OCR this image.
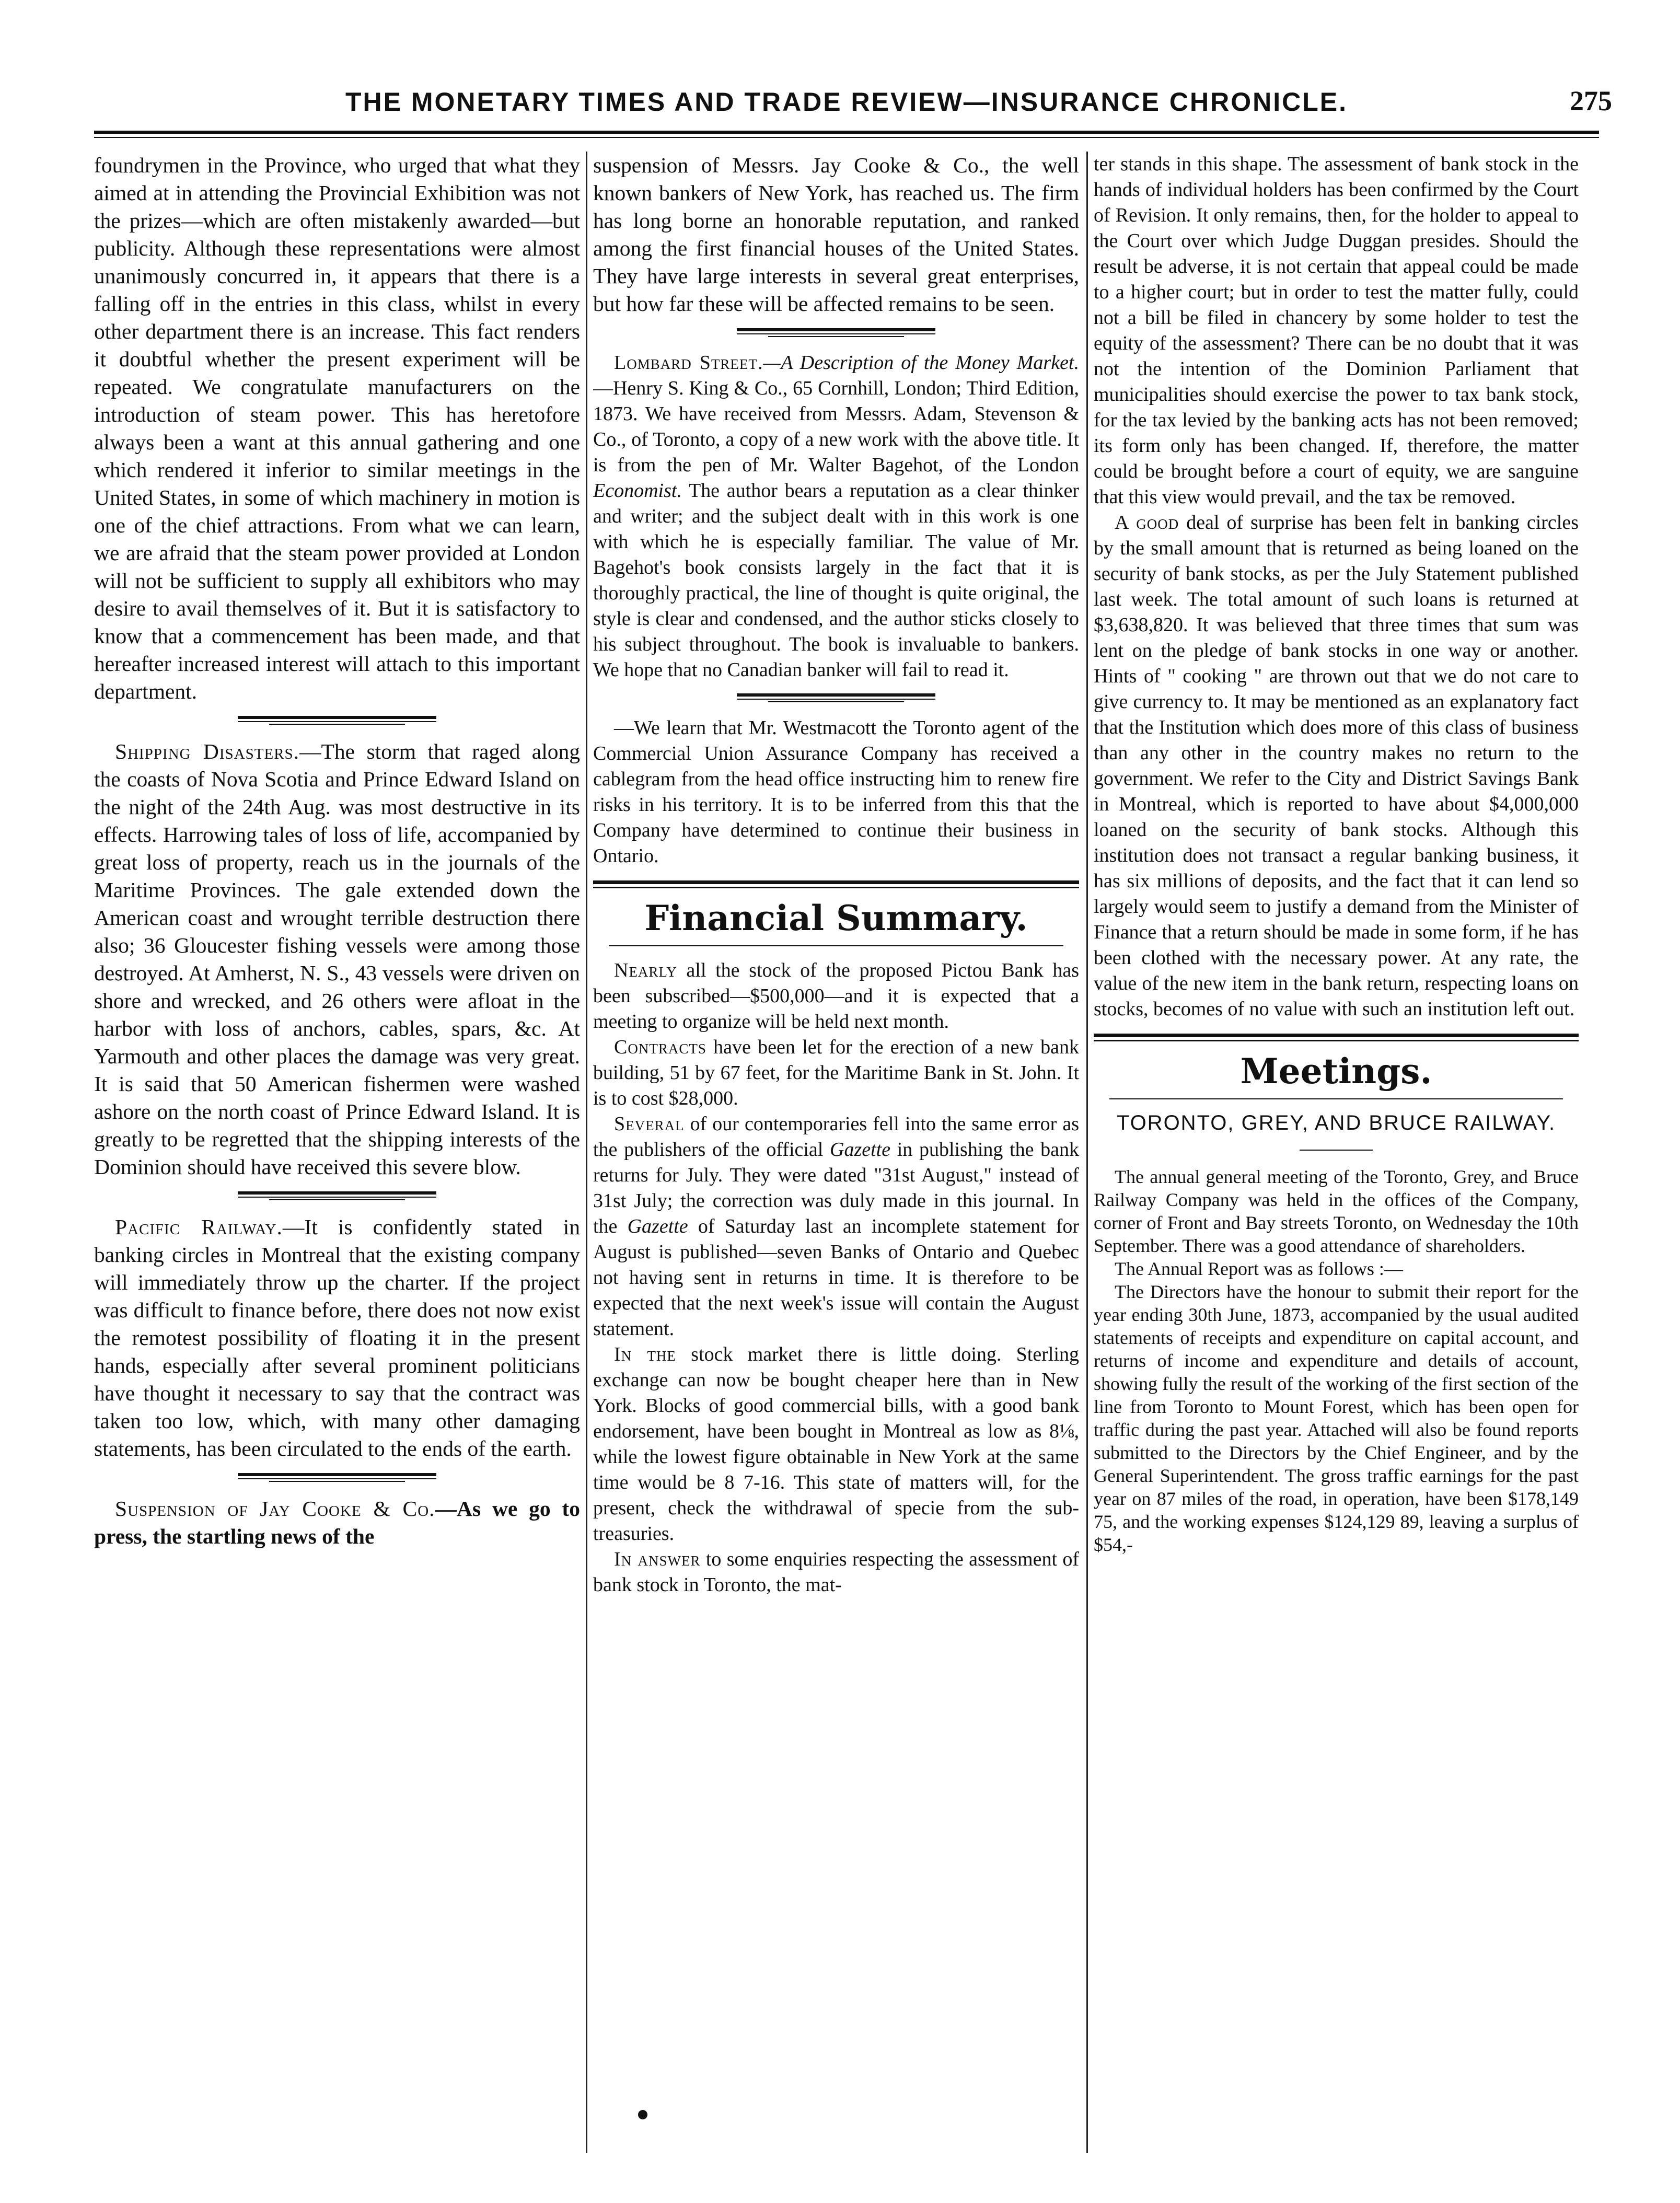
THE MONETARY TIMES AND TRADE REVIEW—INSURANCE CHRONICLE.	275

foundrymen in the Province, who urged that what they aimed at in attending the Provincial Exhibition was not the prizes—which are often mistakenly awarded—but publicity. Although these representations were almost unanimously concurred in, it appears that there is a falling off in the entries in this class, whilst in every other department there is an increase. This fact renders it doubtful whether the present experiment will be repeated. We congratulate manufacturers on the introduction of steam power. This has heretofore always been a want at this annual gathering and one which rendered it inferior to similar meetings in the United States, in some of which machinery in motion is one of the chief attractions. From what we can learn, we are afraid that the steam power provided at London will not be sufficient to supply all exhibitors who may desire to avail themselves of it. But it is satisfactory to know that a commencement has been made, and that hereafter increased interest will attach to this important department.

Shipping Disasters.—The storm that raged along the coasts of Nova Scotia and Prince Edward Island on the night of the 24th Aug. was most destructive in its effects. Harrowing tales of loss of life, accompanied by great loss of property, reach us in the journals of the Maritime Provinces. The gale extended down the American coast and wrought terrible destruction there also; 36 Gloucester fishing vessels were among those destroyed. At Amherst, N. S., 43 vessels were driven on shore and wrecked, and 26 others were afloat in the harbor with loss of anchors, cables, spars, &c. At Yarmouth and other places the damage was very great. It is said that 50 American fishermen were washed ashore on the north coast of Prince Edward Island. It is greatly to be regretted that the shipping interests of the Dominion should have received this severe blow.

Pacific Railway.—It is confidently stated in banking circles in Montreal that the existing company will immediately throw up the charter. If the project was difficult to finance before, there does not now exist the remotest possibility of floating it in the present hands, especially after several prominent politicians have thought it necessary to say that the contract was taken too low, which, with many other damaging statements, has been circulated to the ends of the earth.

Suspension of Jay Cooke & Co.—As we go to press, the startling news of the

suspension of Messrs. Jay Cooke & Co., the well known bankers of New York, has reached us. The firm has long borne an honorable reputation, and ranked among the first financial houses of the United States. They have large interests in several great enterprises, but how far these will be affected remains to be seen.

Lombard Street.—A Description of the Money Market.—Henry S. King & Co., 65 Cornhill, London; Third Edition, 1873. We have received from Messrs. Adam, Stevenson & Co., of Toronto, a copy of a new work with the above title. It is from the pen of Mr. Walter Bagehot, of the London Economist. The author bears a reputation as a clear thinker and writer; and the subject dealt with in this work is one with which he is especially familiar. The value of Mr. Bagehot's book consists largely in the fact that it is thoroughly practical, the line of thought is quite original, the style is clear and condensed, and the author sticks closely to his subject throughout. The book is invaluable to bankers. We hope that no Canadian banker will fail to read it.

—We learn that Mr. Westmacott the Toronto agent of the Commercial Union Assurance Company has received a cablegram from the head office instructing him to renew fire risks in his territory. It is to be inferred from this that the Company have determined to continue their business in Ontario.

Financial Summary.

Nearly all the stock of the proposed Pictou Bank has been subscribed—$500,000—and it is expected that a meeting to organize will be held next month.

Contracts have been let for the erection of a new bank building, 51 by 67 feet, for the Maritime Bank in St. John. It is to cost $28,000.

Several of our contemporaries fell into the same error as the publishers of the official Gazette in publishing the bank returns for July. They were dated "31st August," instead of 31st July; the correction was duly made in this journal. In the Gazette of Saturday last an incomplete statement for August is published—seven Banks of Ontario and Quebec not having sent in returns in time. It is therefore to be expected that the next week's issue will contain the August statement.

In the stock market there is little doing. Sterling exchange can now be bought cheaper here than in New York. Blocks of good commercial bills, with a good bank endorsement, have been bought in Montreal as low as 8⅛, while the lowest figure obtainable in New York at the same time would be 8 7-16. This state of matters will, for the present, check the withdrawal of specie from the sub-treasuries.

In answer to some enquiries respecting the assessment of bank stock in Toronto, the mat-

ter stands in this shape. The assessment of bank stock in the hands of individual holders has been confirmed by the Court of Revision. It only remains, then, for the holder to appeal to the Court over which Judge Duggan presides. Should the result be adverse, it is not certain that appeal could be made to a higher court; but in order to test the matter fully, could not a bill be filed in chancery by some holder to test the equity of the assessment? There can be no doubt that it was not the intention of the Dominion Parliament that municipalities should exercise the power to tax bank stock, for the tax levied by the banking acts has not been removed; its form only has been changed. If, therefore, the matter could be brought before a court of equity, we are sanguine that this view would prevail, and the tax be removed.

A good deal of surprise has been felt in banking circles by the small amount that is returned as being loaned on the security of bank stocks, as per the July Statement published last week. The total amount of such loans is returned at $3,638,820. It was believed that three times that sum was lent on the pledge of bank stocks in one way or another. Hints of " cooking " are thrown out that we do not care to give currency to. It may be mentioned as an explanatory fact that the Institution which does more of this class of business than any other in the country makes no return to the government. We refer to the City and District Savings Bank in Montreal, which is reported to have about $4,000,000 loaned on the security of bank stocks. Although this institution does not transact a regular banking business, it has six millions of deposits, and the fact that it can lend so largely would seem to justify a demand from the Minister of Finance that a return should be made in some form, if he has been clothed with the necessary power. At any rate, the value of the new item in the bank return, respecting loans on stocks, becomes of no value with such an institution left out.

Meetings.
TORONTO, GREY, AND BRUCE RAILWAY.

The annual general meeting of the Toronto, Grey, and Bruce Railway Company was held in the offices of the Company, corner of Front and Bay streets Toronto, on Wednesday the 10th September. There was a good attendance of shareholders.

The Annual Report was as follows :—

The Directors have the honour to submit their report for the year ending 30th June, 1873, accompanied by the usual audited statements of receipts and expenditure on capital account, and returns of income and expenditure and details of account, showing fully the result of the working of the first section of the line from Toronto to Mount Forest, which has been open for traffic during the past year. Attached will also be found reports submitted to the Directors by the Chief Engineer, and by the General Superintendent. The gross traffic earnings for the past year on 87 miles of the road, in operation, have been $178,149 75, and the working expenses $124,129 89, leaving a surplus of $54,-
